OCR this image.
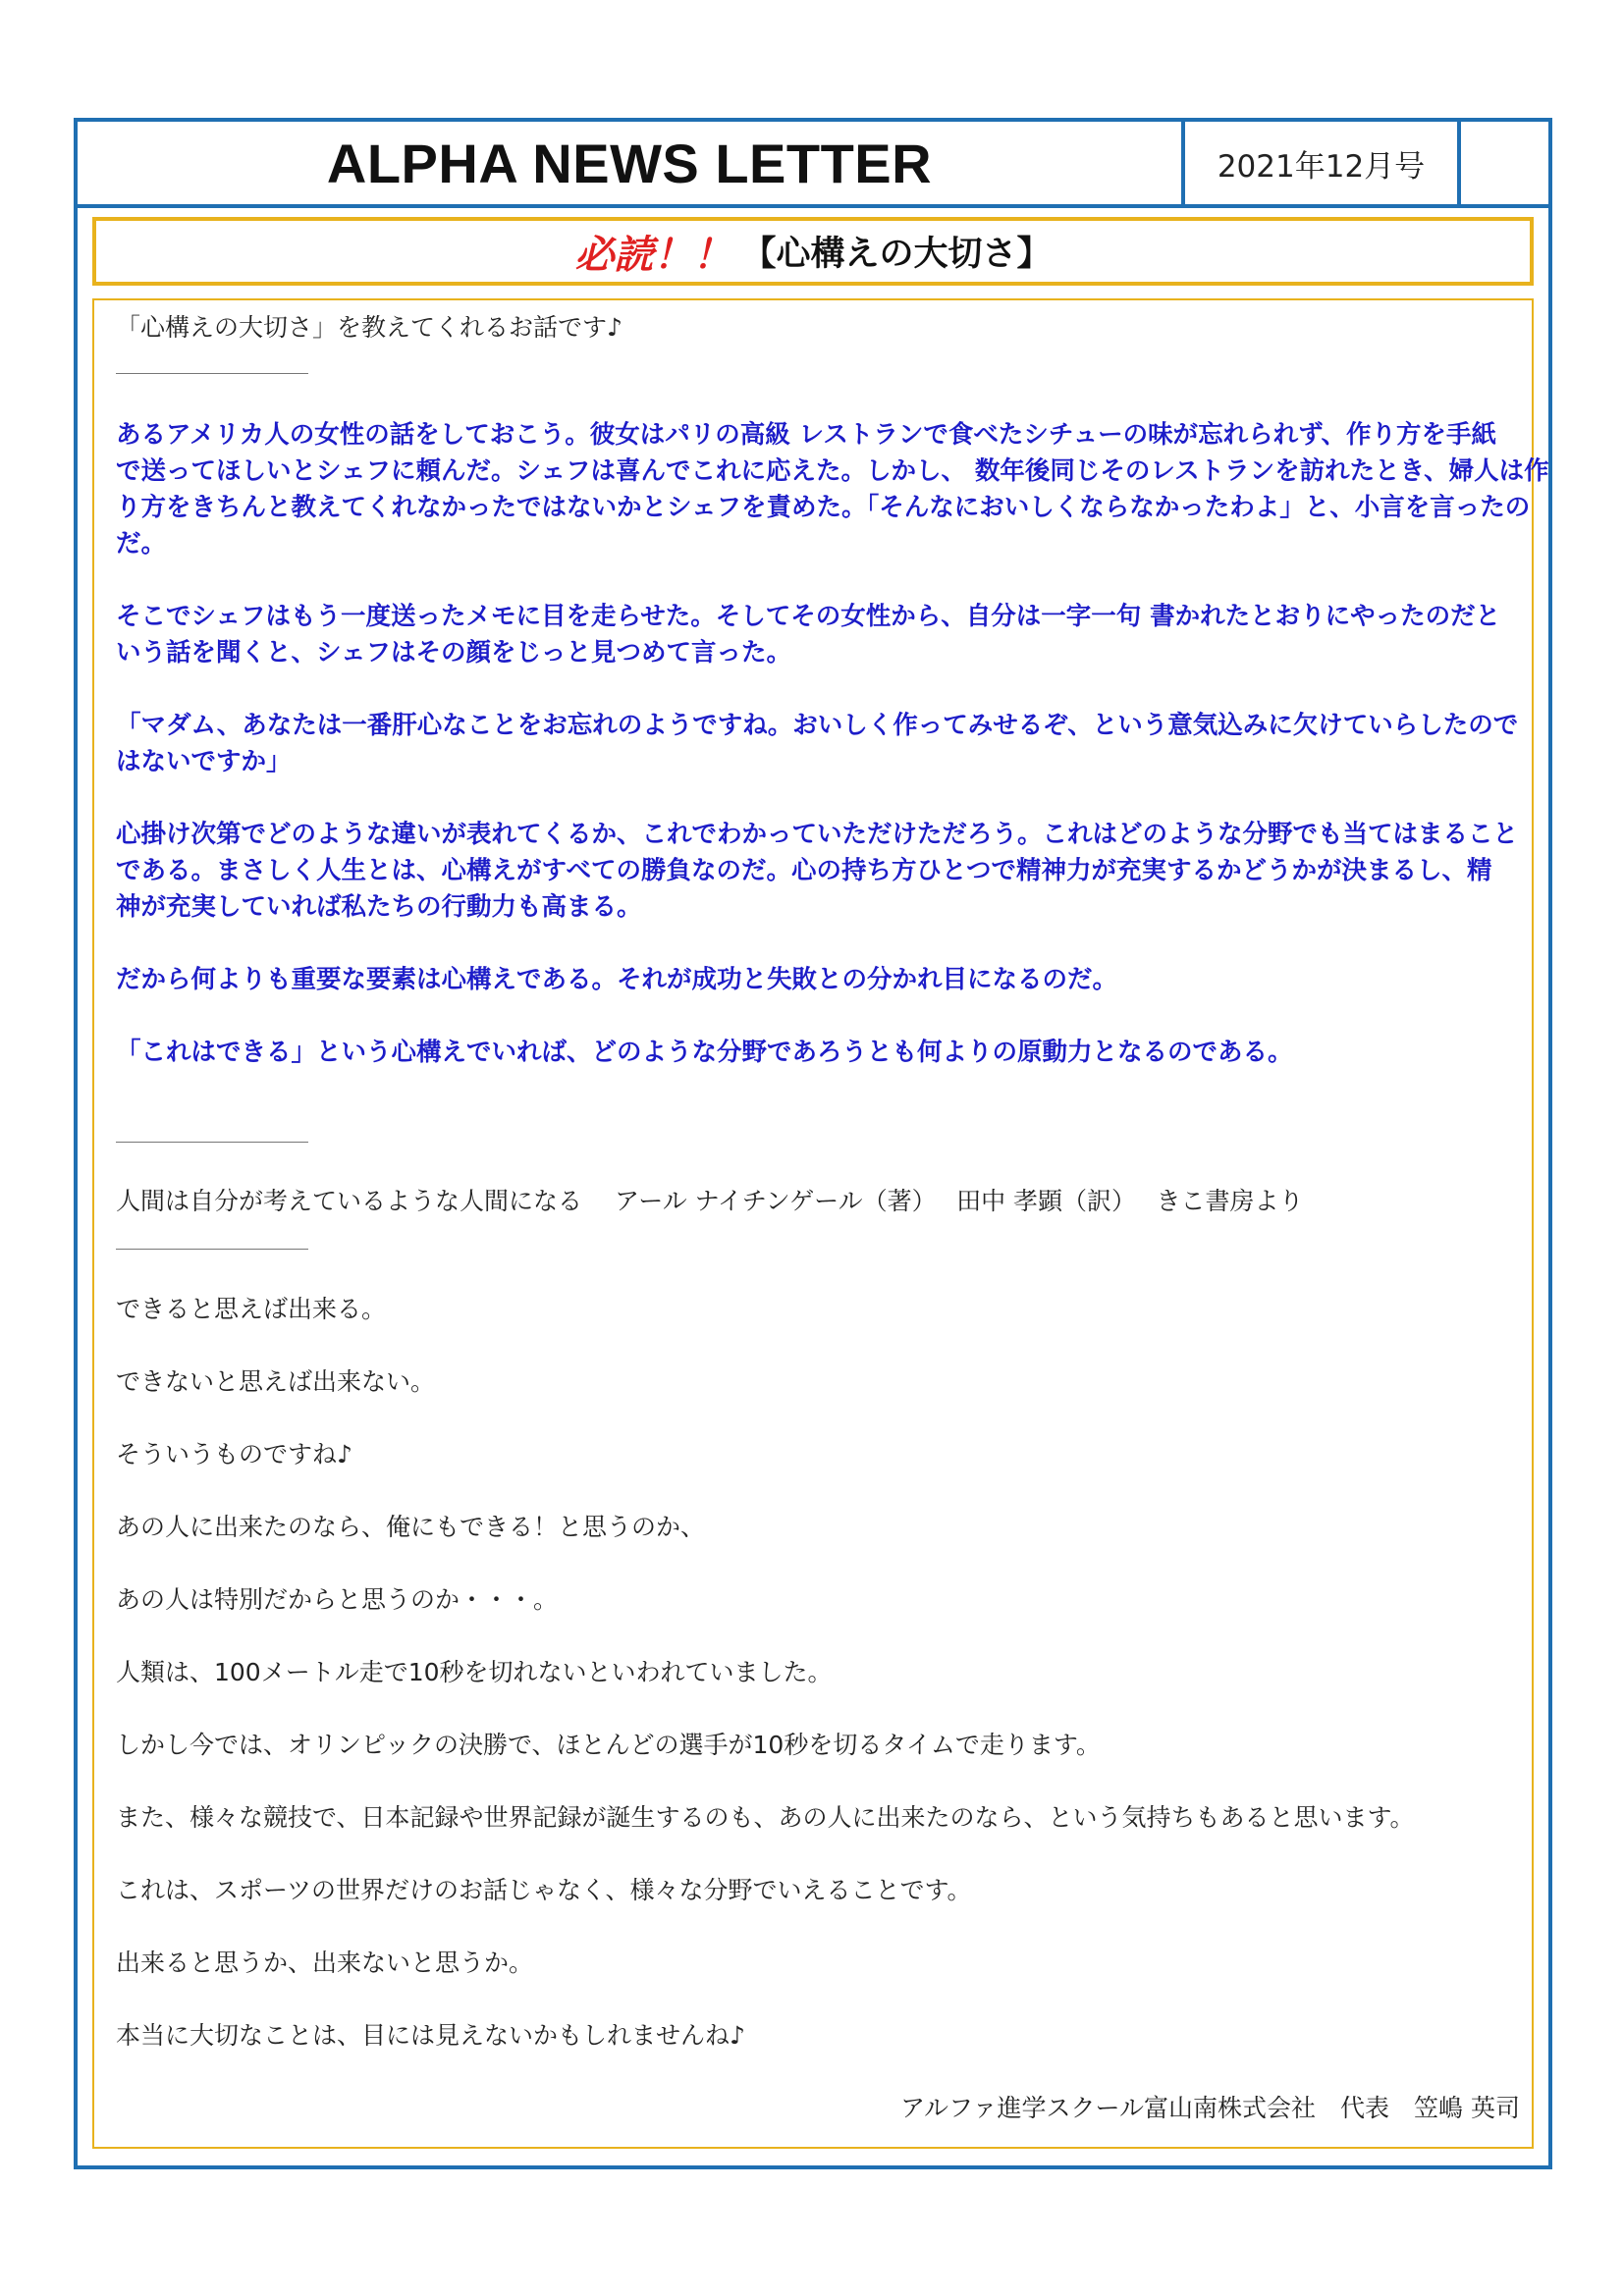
ALPHA NEWS LETTER	2021年12月号
必読！！ 【心構えの大切さ】
「心構えの大切さ」を教えてくれるお話です♪
あるアメリカ人の女性の話をしておこう。彼女はパリの高級 レストランで食べたシチューの味が忘れられず、作り方を手紙
で送ってほしいとシェフに頼んだ。シェフは喜んでこれに応えた。しかし、 数年後同じそのレストランを訪れたとき、婦人は作
り方をきちんと教えてくれなかったではないかとシェフを責めた。「そんなにおいしくならなかったわよ」と、小言を言ったの
だ。
そこでシェフはもう一度送ったメモに目を走らせた。そしてその女性から、自分は一字一句 書かれたとおりにやったのだと
いう話を聞くと、シェフはその顔をじっと見つめて言った。
「マダム、あなたは一番肝心なことをお忘れのようですね。おいしく作ってみせるぞ、という意気込みに欠けていらしたので
はないですか」
心掛け次第でどのような違いが表れてくるか、これでわかっていただけただろう。これはどのような分野でも当てはまること
である。まさしく人生とは、心構えがすべての勝負なのだ。心の持ち方ひとつで精神力が充実するかどうかが決まるし、精
神が充実していれば私たちの行動力も高まる。
だから何よりも重要な要素は心構えである。それが成功と失敗との分かれ目になるのだ。
「これはできる」という心構えでいれば、どのような分野であろうとも何よりの原動力となるのである。
人間は自分が考えているような人間になる　 アール ナイチンゲール（著）　 田中 孝顕（訳）　 きこ書房より
できると思えば出来る。
できないと思えば出来ない。
そういうものですね♪
あの人に出来たのなら、俺にもできる！と思うのか、
あの人は特別だからと思うのか・・・。
人類は、100メートル走で10秒を切れないといわれていました。
しかし今では、オリンピックの決勝で、ほとんどの選手が10秒を切るタイムで走ります。
また、様々な競技で、日本記録や世界記録が誕生するのも、あの人に出来たのなら、という気持ちもあると思います。
これは、スポーツの世界だけのお話じゃなく、様々な分野でいえることです。
出来ると思うか、出来ないと思うか。
本当に大切なことは、目には見えないかもしれませんね♪
アルファ進学スクール富山南株式会社　代表　笠嶋 英司
